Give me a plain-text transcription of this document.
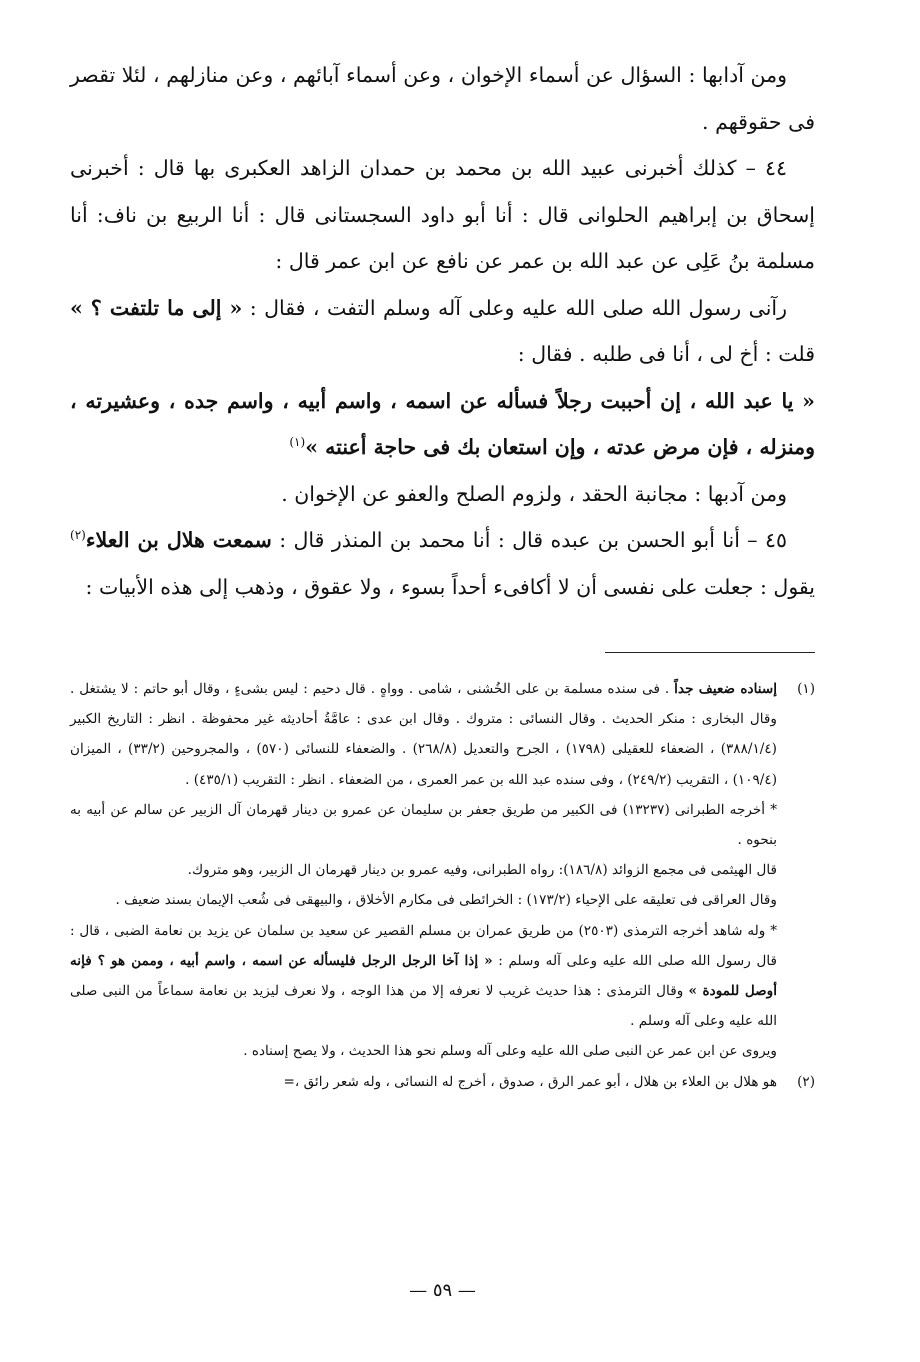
ومن آدابها : السؤال عن أسماء الإخوان ، وعن أسماء آبائهم ، وعن منازلهم ، لئلا تقصر فى حقوقهم .

٤٤ – كذلك أخبرنى عبيد الله بن محمد بن حمدان الزاهد العكبرى بها قال : أخبرنى إسحاق بن إبراهيم الحلوانى قال : أنا أبو داود السجستانى قال : أنا الربيع بن ناف: أنا مسلمة بنُ عَلِى عن عبد الله بن عمر عن نافع عن ابن عمر قال :

رآنى رسول الله صلى الله عليه وعلى آله وسلم التفت ، فقال : « إلى ما تلتفت ؟ » قلت : أخ لى ، أنا فى طلبه . فقال :

« يا عبد الله ، إن أحببت رجلاً فسأله عن اسمه ، واسم أبيه ، واسم جده ، وعشيرته ، ومنزله ، فإن مرض عدته ، وإن استعان بك فى حاجة أعنته »$^{(١)}$

ومن آدبها : مجانبة الحقد ، ولزوم الصلح والعفو عن الإخوان .

٤٥ – أنا أبو الحسن بن عبده قال : أنا محمد بن المنذر قال : سمعت هلال بن العلاء$^{(٢)}$ يقول : جعلت على نفسى أن لا أكافىء أحداً بسوء ، ولا عقوق ، وذهب إلى هذه الأبيات :

(١)

إسناده ضعيف جداً . فى سنده مسلمة بن على الخُشنى ، شامى . وواهٍ . قال دحيم : ليس بشىءٍ ، وقال أبو حاتم : لا يشتغل . وقال البخارى : منكر الحديث . وقال النسائى : متروك . وقال ابن عدى : عامَّةُ أحاديثه غير محفوظة . انظر : التاريخ الكبير (٣٨٨/١/٤) ، الضعفاء للعقيلى (١٧٩٨) ، الجرح والتعديل (٢٦٨/٨) . والضعفاء للنسائى (٥٧٠) ، والمجروحين (٣٣/٢) ، الميزان (١٠٩/٤) ، التقريب (٢٤٩/٢) ، وفى سنده عبد الله بن عمر العمرى ، من الضعفاء . انظر : التقريب (٤٣٥/١) .

* أخرجه الطبرانى (١٣٢٣٧) فى الكبير من طريق جعفر بن سليمان عن عمرو بن دينار قهرمان آل الزبير عن سالم عن أبيه به بنحوه .

قال الهيثمى فى مجمع الزوائد (١٨٦/٨): رواه الطبرانى، وفيه عمرو بن دينار قهرمان ال الزبير، وهو متروك.

وقال العراقى فى تعليقه على الإحياء (١٧٣/٢) : الخرائطى فى مكارم الأخلاق ، والبيهقى فى شُعب الإيمان بسند ضعيف .

* وله شاهد أخرجه الترمذى (٢٥٠٣) من طريق عمران بن مسلم القصير عن سعيد بن سلمان عن يزيد بن نعامة الضبى ، قال : قال رسول الله صلى الله عليه وعلى آله وسلم : « إذا آخا الرجل الرجل فليسأله عن اسمه ، واسم أبيه ، وممن هو ؟ فإنه أوصل للمودة » وقال الترمذى : هذا حديث غريب لا نعرفه إلا من هذا الوجه ، ولا نعرف ليزيد بن نعامة سماعاً من النبى صلى الله عليه وعلى آله وسلم .

ويروى عن ابن عمر عن النبى صلى الله عليه وعلى آله وسلم نحو هذا الحديث ، ولا يصح إسناده .

(٢)
هو هلال بن العلاء بن هلال ، أبو عمر الرق ، صدوق ، أخرج له النسائى ، وله شعر رائق ،=
— ٥٩ —
